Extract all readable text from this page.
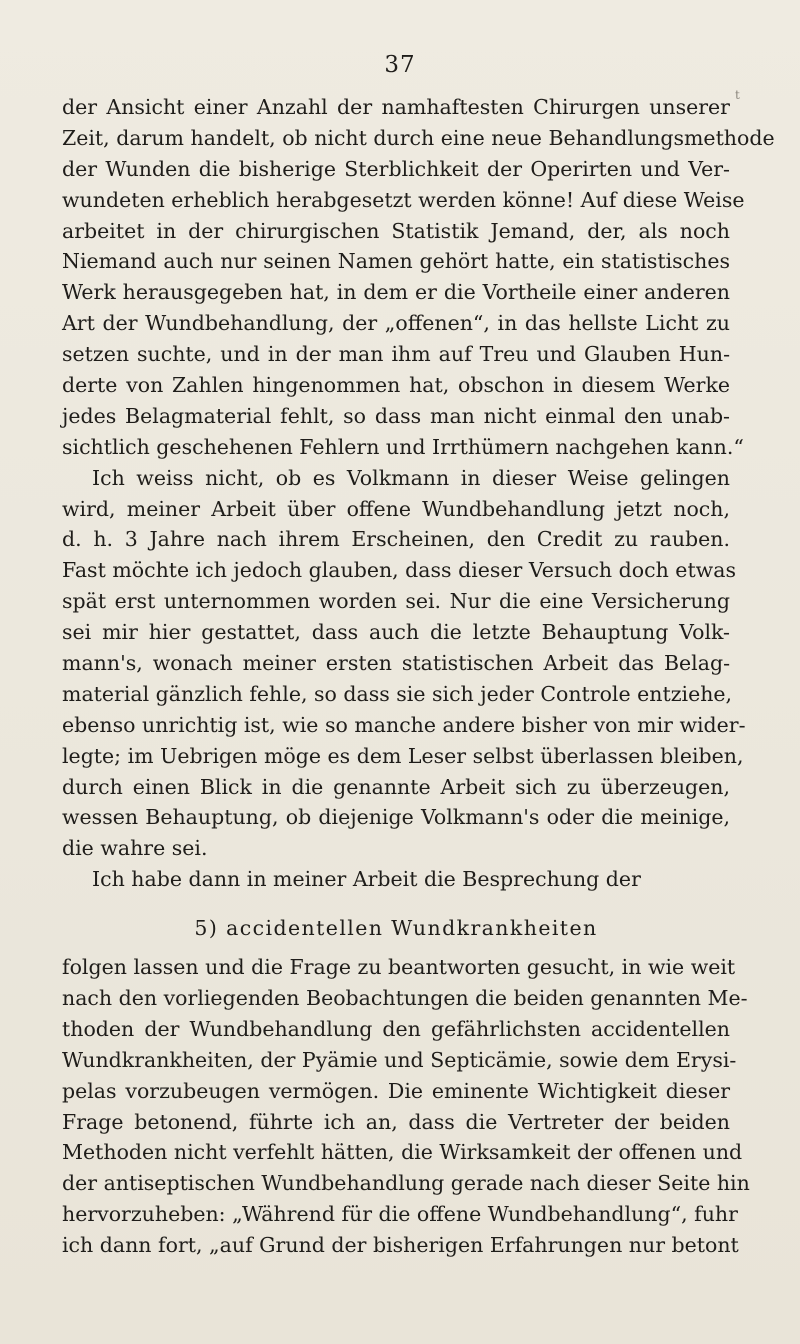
37
t
der Ansicht einer Anzahl der namhaftesten Chirurgen unserer
Zeit, darum handelt, ob nicht durch eine neue Behandlungsmethode
der Wunden die bisherige Sterblichkeit der Operirten und Ver-
wundeten erheblich herabgesetzt werden könne! Auf diese Weise
arbeitet in der chirurgischen Statistik Jemand, der, als noch
Niemand auch nur seinen Namen gehört hatte, ein statistisches
Werk herausgegeben hat, in dem er die Vortheile einer anderen
Art der Wundbehandlung, der „offenen“, in das hellste Licht zu
setzen suchte, und in der man ihm auf Treu und Glauben Hun-
derte von Zahlen hingenommen hat, obschon in diesem Werke
jedes Belagmaterial fehlt, so dass man nicht einmal den unab-
sichtlich geschehenen Fehlern und Irrthümern nachgehen kann.“
Ich weiss nicht, ob es Volkmann in dieser Weise gelingen
wird, meiner Arbeit über offene Wundbehandlung jetzt noch,
d. h. 3 Jahre nach ihrem Erscheinen, den Credit zu rauben.
Fast möchte ich jedoch glauben, dass dieser Versuch doch etwas
spät erst unternommen worden sei. Nur die eine Versicherung
sei mir hier gestattet, dass auch die letzte Behauptung Volk-
mann's, wonach meiner ersten statistischen Arbeit das Belag-
material gänzlich fehle, so dass sie sich jeder Controle entziehe,
ebenso unrichtig ist, wie so manche andere bisher von mir wider-
legte; im Uebrigen möge es dem Leser selbst überlassen bleiben,
durch einen Blick in die genannte Arbeit sich zu überzeugen,
wessen Behauptung, ob diejenige Volkmann's oder die meinige,
die wahre sei.
Ich habe dann in meiner Arbeit die Besprechung der
5) accidentellen Wundkrankheiten
folgen lassen und die Frage zu beantworten gesucht, in wie weit
nach den vorliegenden Beobachtungen die beiden genannten Me-
thoden der Wundbehandlung den gefährlichsten accidentellen
Wundkrankheiten, der Pyämie und Septicämie, sowie dem Erysi-
pelas vorzubeugen vermögen. Die eminente Wichtigkeit dieser
Frage betonend, führte ich an, dass die Vertreter der beiden
Methoden nicht verfehlt hätten, die Wirksamkeit der offenen und
der antiseptischen Wundbehandlung gerade nach dieser Seite hin
hervorzuheben: „Während für die offene Wundbehandlung“, fuhr
ich dann fort, „auf Grund der bisherigen Erfahrungen nur betont
